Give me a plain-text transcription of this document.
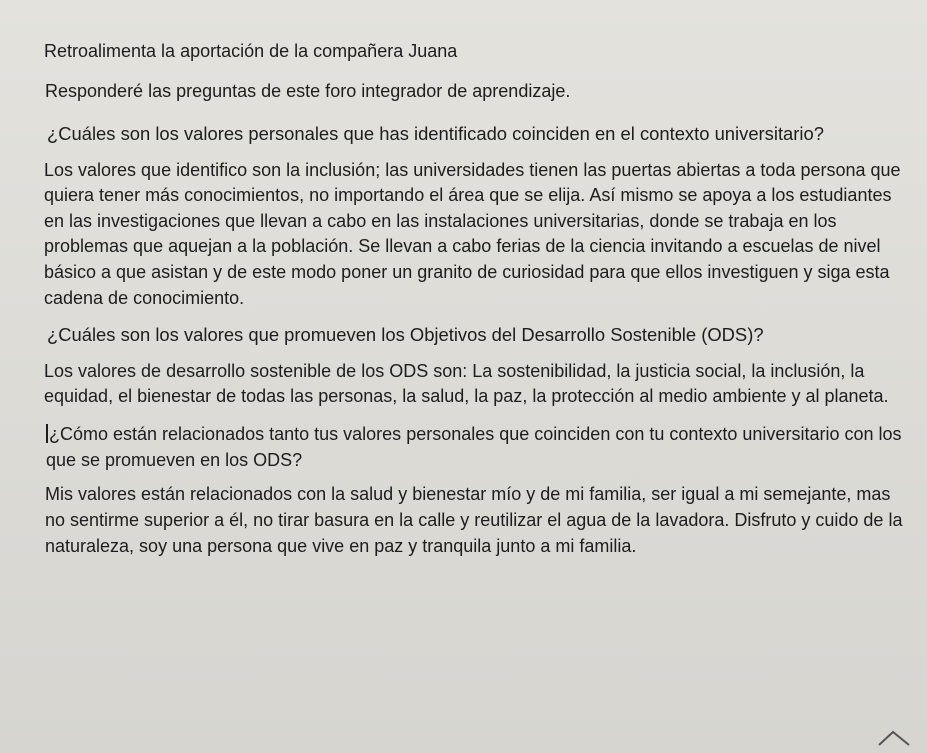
Retroalimenta la aportación de la compañera Juana

Responderé las preguntas de este foro integrador de aprendizaje.

¿Cuáles son los valores personales que has identificado coinciden en el contexto universitario?

Los valores que identifico son la inclusión; las universidades tienen las puertas abiertas a toda persona que quiera tener más conocimientos, no importando el área que se elija. Así mismo se apoya a los estudiantes en las investigaciones que llevan a cabo en las instalaciones universitarias, donde se trabaja en los problemas que aquejan a la población. Se llevan a cabo ferias de la ciencia invitando a escuelas de nivel básico a que asistan y de este modo poner un granito de curiosidad para que ellos investiguen y siga esta cadena de conocimiento.

¿Cuáles son los valores que promueven los Objetivos del Desarrollo Sostenible (ODS)?

Los valores de desarrollo sostenible de los ODS son: La sostenibilidad, la justicia social, la inclusión, la equidad, el bienestar de todas las personas, la salud, la paz, la protección al medio ambiente y al planeta.

¿Cómo están relacionados tanto tus valores personales que coinciden con tu contexto universitario con los que se promueven en los ODS?

Mis valores están relacionados con la salud y bienestar mío y de mi familia, ser igual a mi semejante, mas no sentirme superior a él, no tirar basura en la calle y reutilizar el agua de la lavadora. Disfruto y cuido de la naturaleza, soy una persona que vive en paz y tranquila junto a mi familia.
